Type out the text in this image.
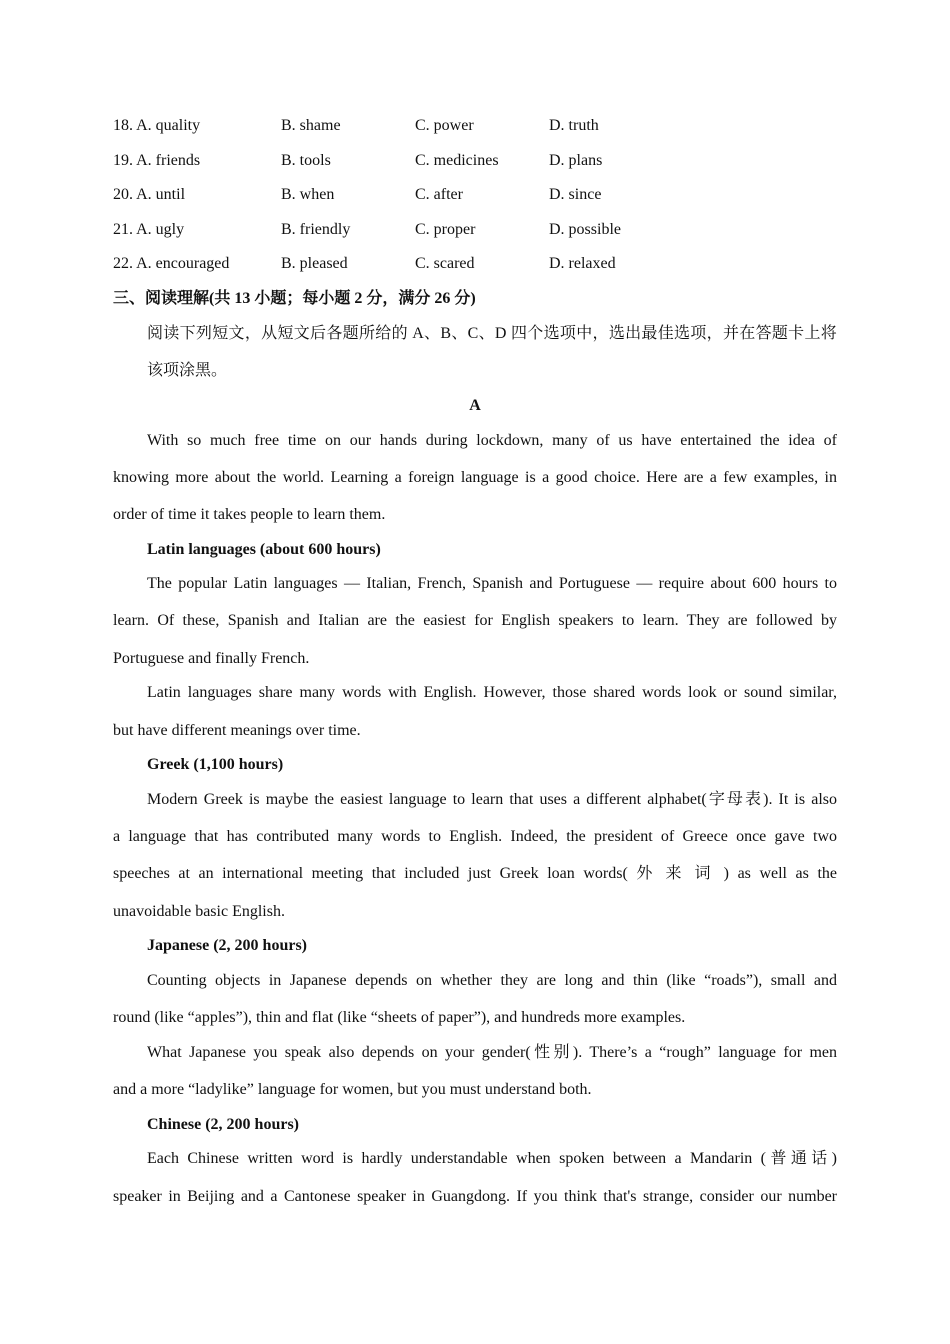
18. A. quality	B. shame	C. power	D. truth
19. A. friends	B. tools	C. medicines	D. plans
20. A. until	B. when	C. after	D. since
21. A. ugly	B. friendly	C. proper	D. possible
22. A. encouraged	B. pleased	C. scared	D. relaxed
三、阅读理解(共 13 小题；每小题 2 分，满分 26 分)
阅读下列短文，从短文后各题所给的 A、B、C、D 四个选项中，选出最佳选项，并在答题卡上将
该项涂黑。
A
With so much free time on our hands during lockdown, many of us have entertained the idea of
knowing more about the world. Learning a foreign language is a good choice. Here are a few examples, in
order of time it takes people to learn them.
Latin languages (about 600 hours)
The popular Latin languages — Italian, French, Spanish and Portuguese — require about 600 hours to
learn. Of these, Spanish and Italian are the easiest for English speakers to learn. They are followed by
Portuguese and finally French.
Latin languages share many words with English. However, those shared words look or sound similar,
but have different meanings over time.
Greek (1,100 hours)
Modern Greek is maybe the easiest language to learn that uses a different alphabet(字母表). It is also
a language that has contributed many words to English. Indeed, the president of Greece once gave two
speeches at an international meeting that included just Greek loan words( 外 来 词 ) as well as the
unavoidable basic English.
Japanese (2, 200 hours)
Counting objects in Japanese depends on whether they are long and thin (like “roads”), small and
round (like “apples”), thin and flat (like “sheets of paper”), and hundreds more examples.
What Japanese you speak also depends on your gender(性别). There’s a “rough” language for men
and a more “ladylike” language for women, but you must understand both.
Chinese (2, 200 hours)
Each Chinese written word is hardly understandable when spoken between a Mandarin (普通话)
speaker in Beijing and a Cantonese speaker in Guangdong. If you think that's strange, consider our number
